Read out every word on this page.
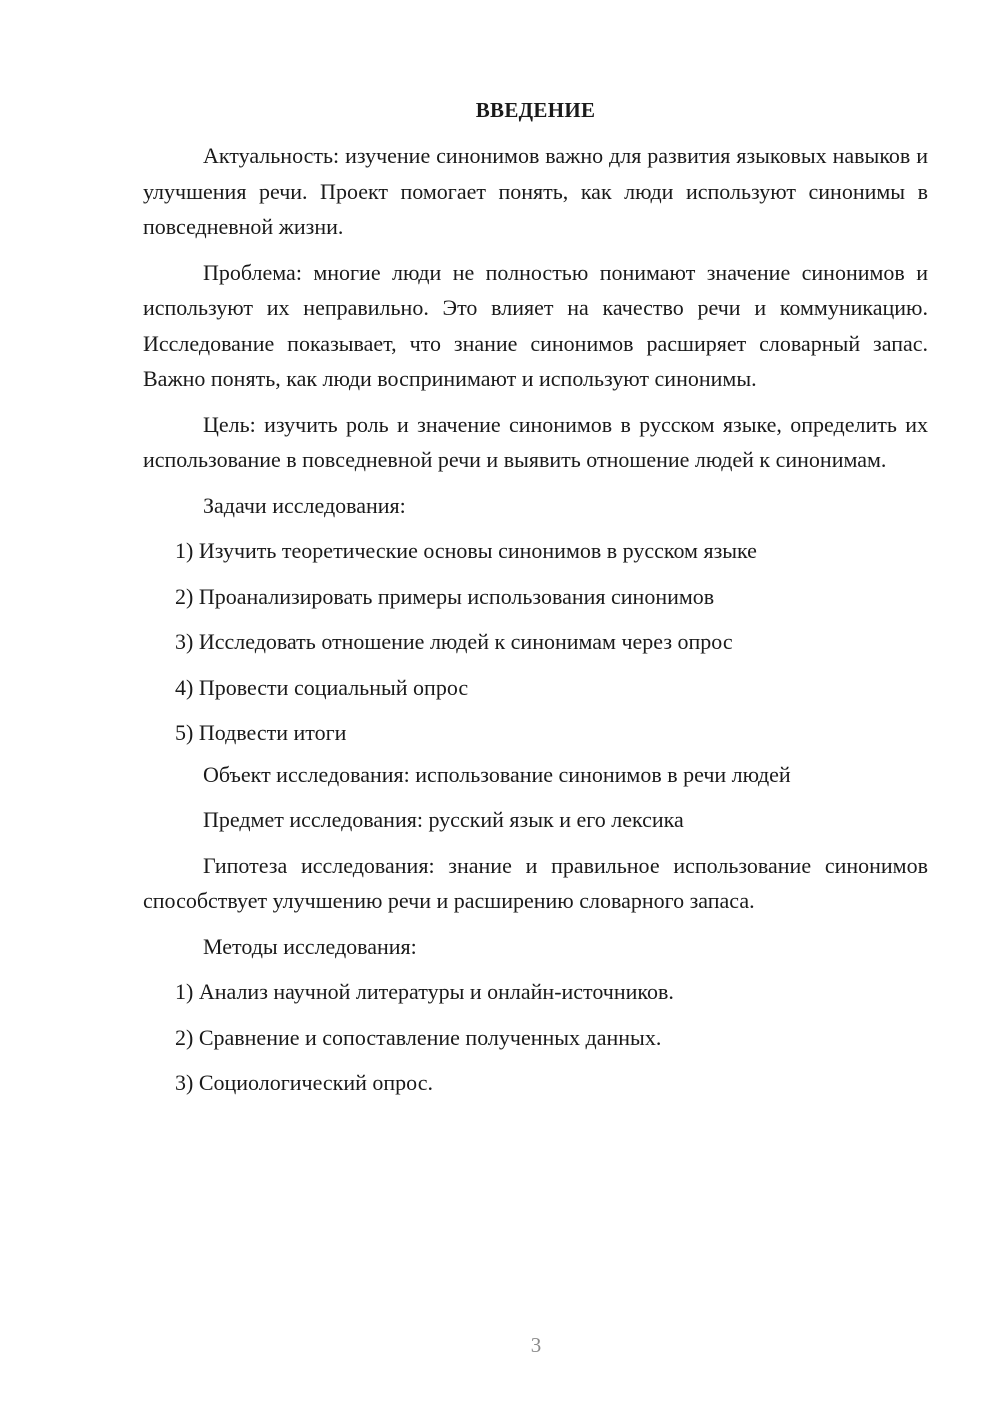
ВВЕДЕНИЕ
Актуальность: изучение синонимов важно для развития языковых навыков и улучшения речи. Проект помогает понять, как люди используют синонимы в повседневной жизни.
Проблема: многие люди не полностью понимают значение синонимов и используют их неправильно. Это влияет на качество речи и коммуникацию. Исследование показывает, что знание синонимов расширяет словарный запас. Важно понять, как люди воспринимают и используют синонимы.
Цель: изучить роль и значение синонимов в русском языке, определить их использование в повседневной речи и выявить отношение людей к синонимам.
Задачи исследования:
1) Изучить теоретические основы синонимов в русском языке
2) Проанализировать примеры использования синонимов
3) Исследовать отношение людей к синонимам через опрос
4) Провести социальный опрос
5) Подвести итоги
Объект исследования: использование синонимов в речи людей
Предмет исследования: русский язык и его лексика
Гипотеза исследования: знание и правильное использование синонимов способствует улучшению речи и расширению словарного запаса.
Методы исследования:
1) Анализ научной литературы и онлайн-источников.
2) Сравнение и сопоставление полученных данных.
3) Социологический опрос.
3
